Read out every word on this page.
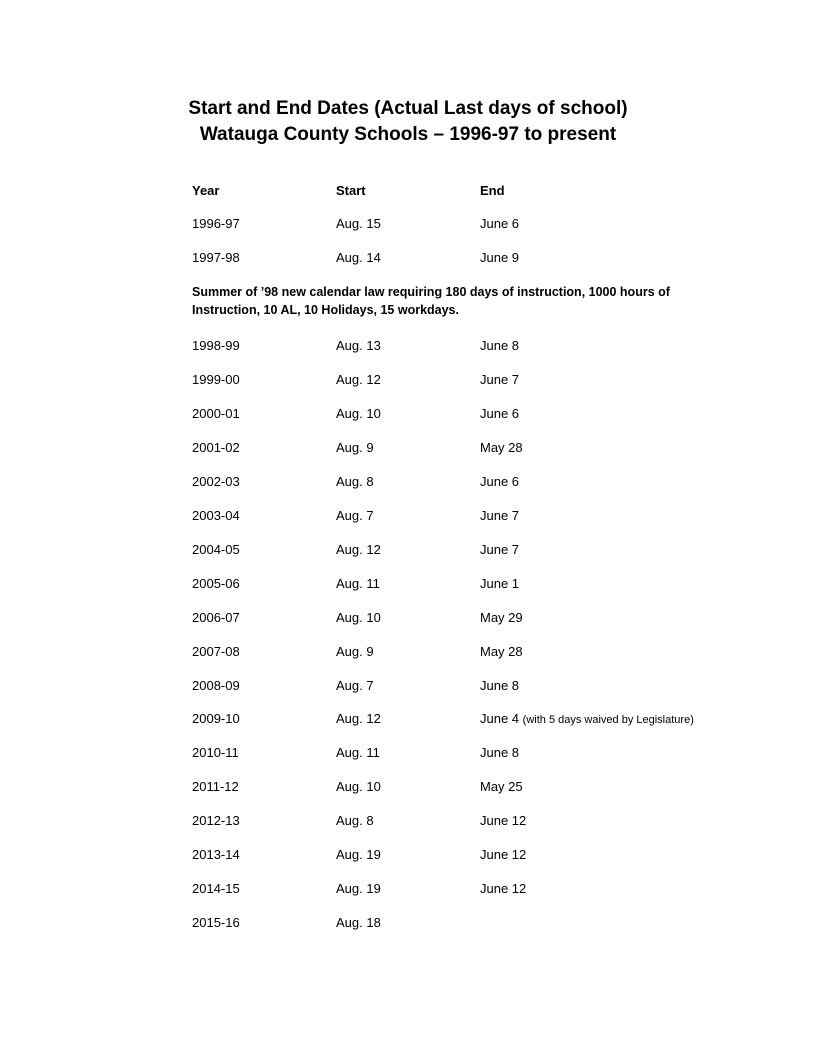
Start and End Dates (Actual Last days of school)
Watauga County Schools – 1996-97 to present
Year	Start	End
1996-97	Aug. 15	June 6
1997-98	Aug. 14	June 9
Summer of ’98 new calendar law requiring 180 days of instruction, 1000 hours of Instruction, 10 AL, 10 Holidays, 15 workdays.
1998-99	Aug. 13	June 8
1999-00	Aug. 12	June 7
2000-01	Aug. 10	June 6
2001-02	Aug. 9	May 28
2002-03	Aug. 8	June 6
2003-04	Aug. 7	June 7
2004-05	Aug. 12	June 7
2005-06	Aug. 11	June 1
2006-07	Aug. 10	May 29
2007-08	Aug. 9	May 28
2008-09	Aug. 7	June 8
2009-10	Aug. 12	June 4 (with 5 days waived by Legislature)
2010-11	Aug. 11	June 8
2011-12	Aug. 10	May 25
2012-13	Aug. 8	June 12
2013-14	Aug. 19	June 12
2014-15	Aug. 19	June 12
2015-16	Aug. 18
